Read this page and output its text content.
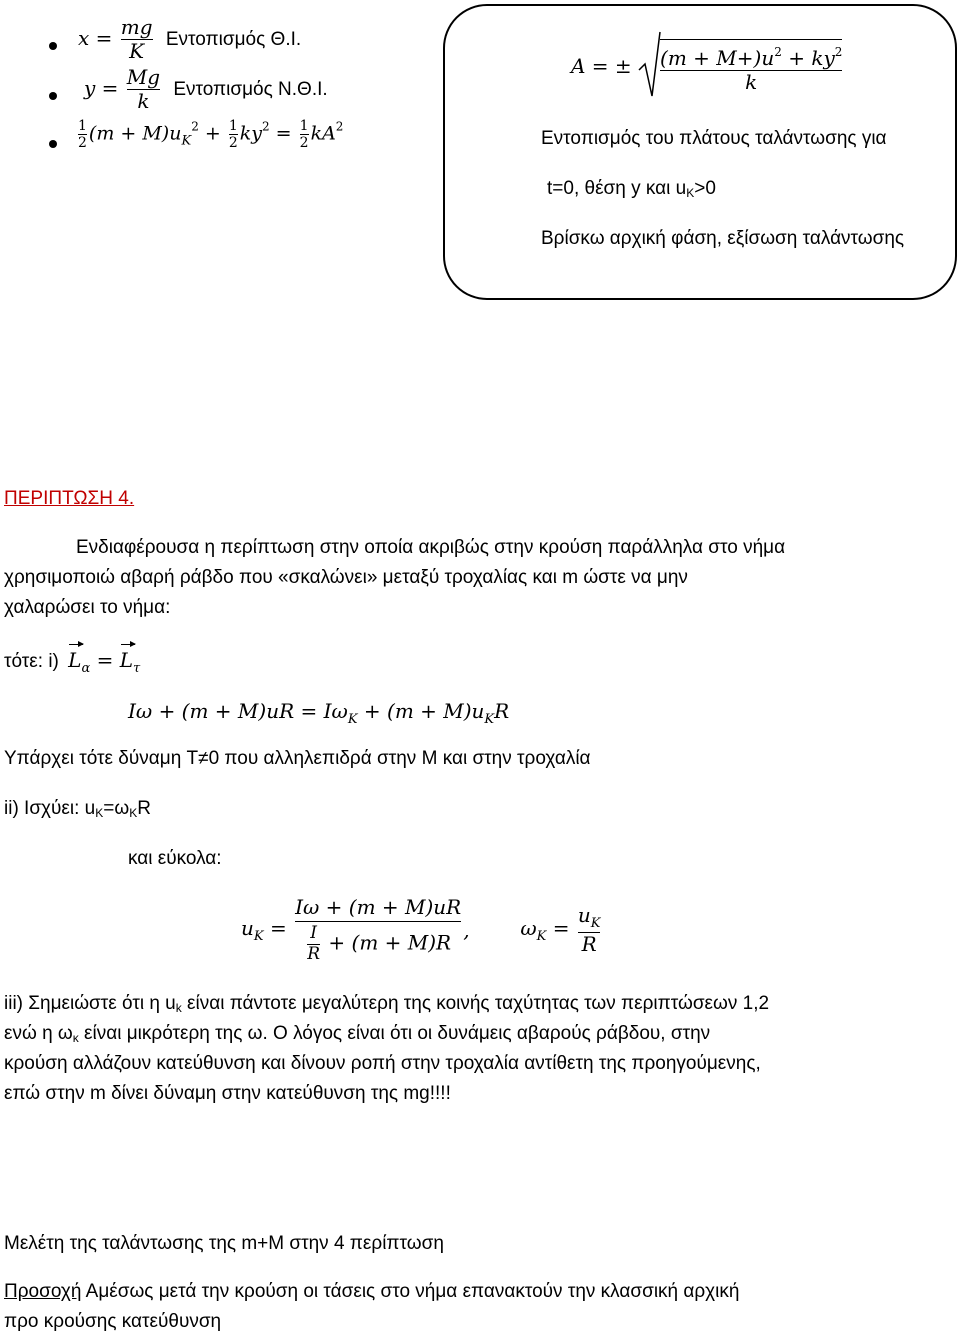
$x = \frac{mg}{K}$ Εντοπισμός Θ.Ι.
$y = \frac{Mg}{k}$ Εντοπισμός Ν.Θ.Ι.
$\frac{1}{2} (m + M)u_K^2 + \frac{1}{2} ky^2 = \frac{1}{2} kA^2$
A = ± $\frac{(m + M+)u^2 + ky^2}{k}$
Εντοπισμός του πλάτους ταλάντωσης για
t=0, θέση y και $u_K>0$
Βρίσκω αρχική φάση, εξίσωση ταλάντωσης
ΠΕΡΙΠΤΩΣΗ 4.
Ενδιαφέρουσα η περίπτωση στην οποία ακριβώς στην κρούση παράλληλα στο νήμα
χρησιμοποιώ αβαρή ράβδο που «σκαλώνει» μεταξύ τροχαλίας και m ώστε να μην
χαλαρώσει το νήμα:
τότε: i) $L_\alpha = L_\tau$
$I\omega + (m + M)uR = I\omega_K + (m + M)u_KR$
Υπάρχει τότε δύναμη T≠0 που αλληλεπιδρά στην M και στην τροχαλία
ii) Ισχύει: $u_K=\omega_KR$
και εύκολα:
$u_K = \frac{I\omega + (m + M)uR}{\frac{I}{R} + (m + M)R}$ ,	$\omega_K = \frac{u_K}{R}$
iii) Σημειώστε ότι η uk είναι πάντοτε μεγαλύτερη της κοινής ταχύτητας των περιπτώσεων 1,2
ενώ η ωκ είναι μικρότερη της ω. Ο λόγος είναι ότι οι δυνάμεις αβαρούς ράβδου, στην
κρούση αλλάζουν κατεύθυνση και δίνουν ροπή στην τροχαλία αντίθετη της προηγούμενης,
επώ στην m δίνει δύναμη στην κατεύθυνση της mg!!!!
Μελέτη της ταλάντωσης της m+M στην 4 περίπτωση
Προσοχή Αμέσως μετά την κρούση οι τάσεις στο νήμα επανακτούν την κλασσική αρχική
προ κρούσης κατεύθυνση
